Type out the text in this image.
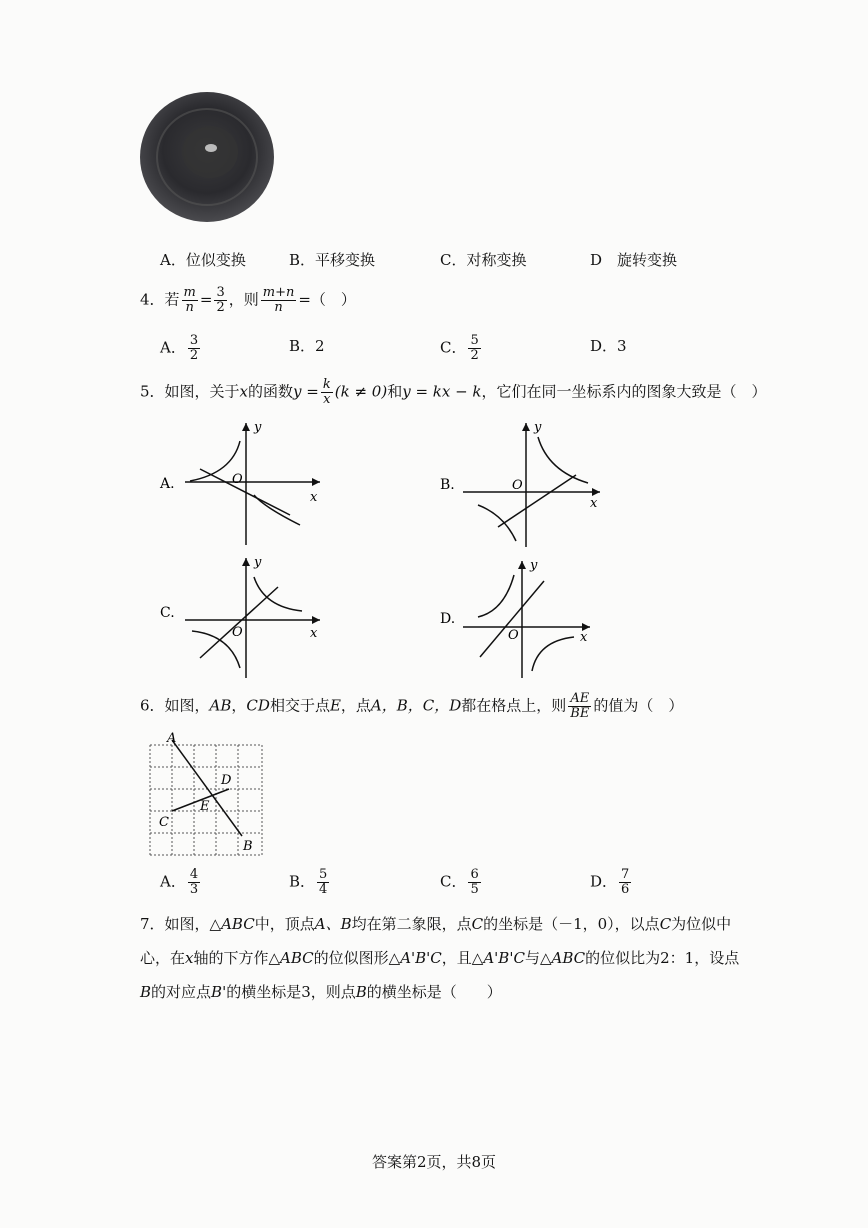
A．位似变换	B．平移变换	C．对称变换	D　旋转变换
4．若 $\frac{m}{n} = \frac{3}{2}$ ，则 $\frac{m+n}{n}$ =（　）
A． $\frac{3}{2}$	B．2	C． $\frac{5}{2}$	D．3
5．如图，关于x的函数$y = \frac{k}{x} (k \ne 0)$和y = kx − k，它们在同一坐标系内的图象大致是（　）
A.
x
y
O	B.
x
y
O
C.
x
y
O
D.
x
y
O
6．如图，AB，CD相交于点E，点A，B，C，D都在格点上，则 $\frac{AE}{BE}$ 的值为（　）
A
B
C
D
E
A． $\frac{4}{3}$	B． $\frac{5}{4}$	C． $\frac{6}{5}$	D． $\frac{7}{6}$
7．如图，△ABC中，顶点A、B均在第二象限，点C的坐标是（－1，0），以点C为位似中
心，在x轴的下方作△ABC的位似图形△A'B'C，且△A'B'C与△ABC的位似比为2：1，设点
B的对应点B'的横坐标是3，则点B的横坐标是（　　）
答案第2页，共8页
